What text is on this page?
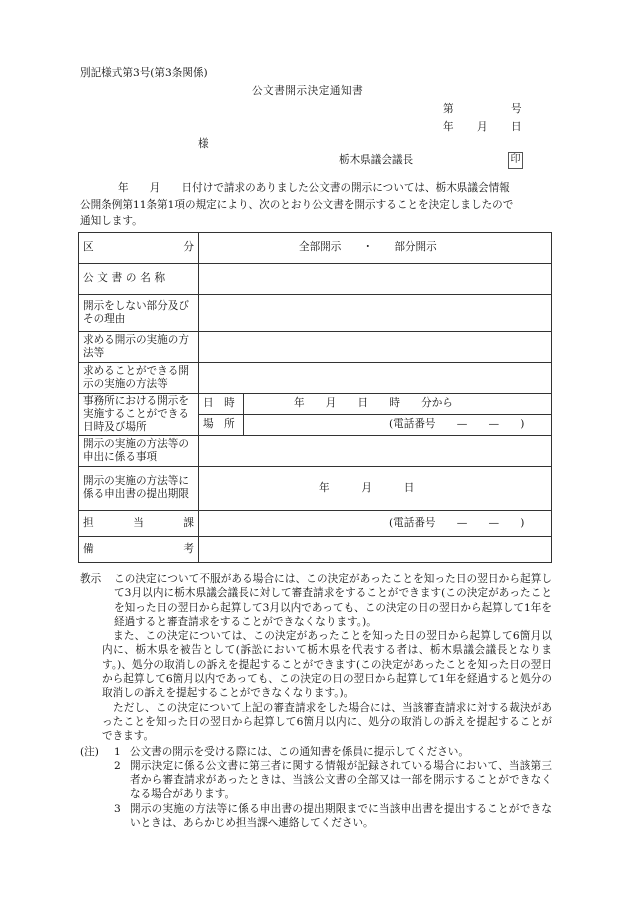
別記様式第3号(第3条関係)
公文書開示決定通知書
第	号
年 月 日
様
栃木県議会議長	印
年　　月　　日付けで請求のありました公文書の開示については、栃木県議会情報
公開条例第11条第1項の規定により、次のとおり公文書を開示することを決定しましたので
通知します。
区 分	全部開示　　・　　部分開示	
公文書の名称		
開示をしない部分及びその理由		
求める開示の実施の方法等		
求めることができる開示の実施の方法等		
事務所における開示を実施することができる日時及び場所	日　時	年　　月　　日　　時　　分から
	場　所	(電話番号　　—　　—　　)
開示の実施の方法等の申出に係る事項		
開示の実施の方法等に係る申出書の提出期限	年　　　月　　　日	

担 当 課	(電話番号　　—　　—　　)	

備 考		

教示	この決定について不服がある場合には、この決定があったことを知った日の翌日から起算して3月以内に栃木県議会議長に対して審査請求をすることができます(この決定があったことを知った日の翌日から起算して3月以内であっても、この決定の日の翌日から起算して1年を経過すると審査請求をすることができなくなります。)。

また、この決定については、この決定があったことを知った日の翌日から起算して6箇月以内に、栃木県を被告として(訴訟において栃木県を代表する者は、栃木県議会議長となります。)、処分の取消しの訴えを提起することができます(この決定があったことを知った日の翌日から起算して6箇月以内であっても、この決定の日の翌日から起算して1年を経過すると処分の取消しの訴えを提起することができなくなります。)。

ただし、この決定について上記の審査請求をした場合には、当該審査請求に対する裁決があったことを知った日の翌日から起算して6箇月以内に、処分の取消しの訴えを提起することができます。

(注)	1 公文書の開示を受ける際には、この通知書を係員に提示してください。

2 開示決定に係る公文書に第三者に関する情報が記録されている場合において、当該第三者から審査請求があったときは、当該公文書の全部又は一部を開示することができなくなる場合があります。

3 開示の実施の方法等に係る申出書の提出期限までに当該申出書を提出することができないときは、あらかじめ担当課へ連絡してください。
